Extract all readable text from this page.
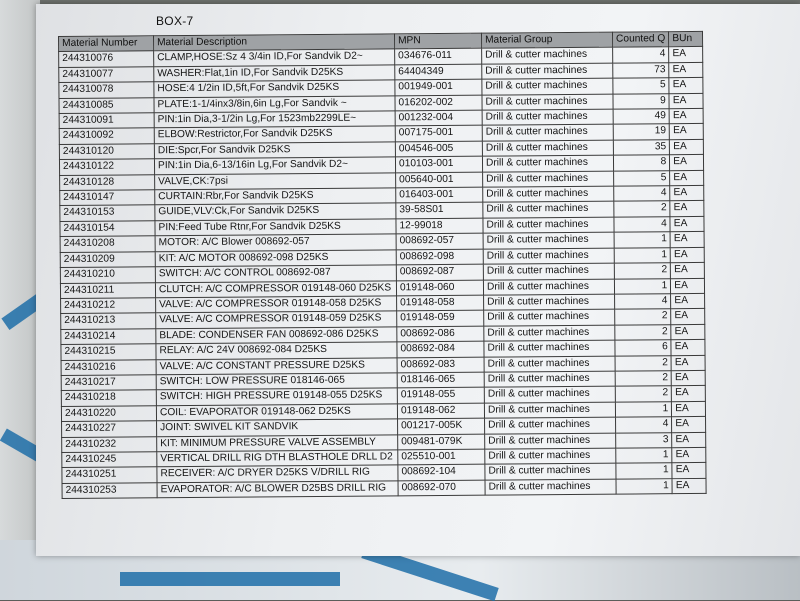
BOX-7
Material Number	Material Description	MPN	Material Group	Counted Q	BUn
244310076	CLAMP,HOSE:Sz 4 3/4in ID,For Sandvik D2~	034676-011	Drill & cutter machines	4	EA
244310077	WASHER:Flat,1in ID,For Sandvik D25KS	64404349	Drill & cutter machines	73	EA
244310078	HOSE:4 1/2in ID,5ft,For Sandvik D25KS	001949-001	Drill & cutter machines	5	EA
244310085	PLATE:1-1/4inx3/8in,6in Lg,For Sandvik ~	016202-002	Drill & cutter machines	9	EA
244310091	PIN:1in Dia,3-1/2in Lg,For 1523mb2299LE~	001232-004	Drill & cutter machines	49	EA
244310092	ELBOW:Restrictor,For Sandvik D25KS	007175-001	Drill & cutter machines	19	EA
244310120	DIE:Spcr,For Sandvik D25KS	004546-005	Drill & cutter machines	35	EA
244310122	PIN:1in Dia,6-13/16in Lg,For Sandvik D2~	010103-001	Drill & cutter machines	8	EA
244310128	VALVE,CK:7psi	005640-001	Drill & cutter machines	5	EA
244310147	CURTAIN:Rbr,For Sandvik D25KS	016403-001	Drill & cutter machines	4	EA
244310153	GUIDE,VLV:Ck,For Sandvik D25KS	39-58S01	Drill & cutter machines	2	EA
244310154	PIN:Feed Tube Rtnr,For Sandvik D25KS	12-99018	Drill & cutter machines	4	EA
244310208	MOTOR: A/C Blower 008692-057	008692-057	Drill & cutter machines	1	EA
244310209	KIT: A/C MOTOR 008692-098 D25KS	008692-098	Drill & cutter machines	1	EA
244310210	SWITCH: A/C CONTROL 008692-087	008692-087	Drill & cutter machines	2	EA
244310211	CLUTCH: A/C COMPRESSOR 019148-060 D25KS	019148-060	Drill & cutter machines	1	EA
244310212	VALVE: A/C COMPRESSOR 019148-058 D25KS	019148-058	Drill & cutter machines	4	EA
244310213	VALVE: A/C COMPRESSOR 019148-059 D25KS	019148-059	Drill & cutter machines	2	EA
244310214	BLADE: CONDENSER FAN 008692-086 D25KS	008692-086	Drill & cutter machines	2	EA
244310215	RELAY: A/C 24V 008692-084 D25KS	008692-084	Drill & cutter machines	6	EA
244310216	VALVE: A/C CONSTANT PRESSURE D25KS	008692-083	Drill & cutter machines	2	EA
244310217	SWITCH: LOW PRESSURE 018146-065	018146-065	Drill & cutter machines	2	EA
244310218	SWITCH: HIGH PRESSURE 019148-055 D25KS	019148-055	Drill & cutter machines	2	EA
244310220	COIL: EVAPORATOR 019148-062 D25KS	019148-062	Drill & cutter machines	1	EA
244310227	JOINT: SWIVEL KIT SANDVIK	001217-005K	Drill & cutter machines	4	EA
244310232	KIT: MINIMUM PRESSURE VALVE ASSEMBLY	009481-079K	Drill & cutter machines	3	EA
244310245	VERTICAL DRILL RIG DTH BLASTHOLE DRLL D2	025510-001	Drill & cutter machines	1	EA
244310251	RECEIVER: A/C DRYER D25KS V/DRILL RIG	008692-104	Drill & cutter machines	1	EA
244310253	EVAPORATOR: A/C BLOWER D25BS DRILL RIG	008692-070	Drill & cutter machines	1	EA
